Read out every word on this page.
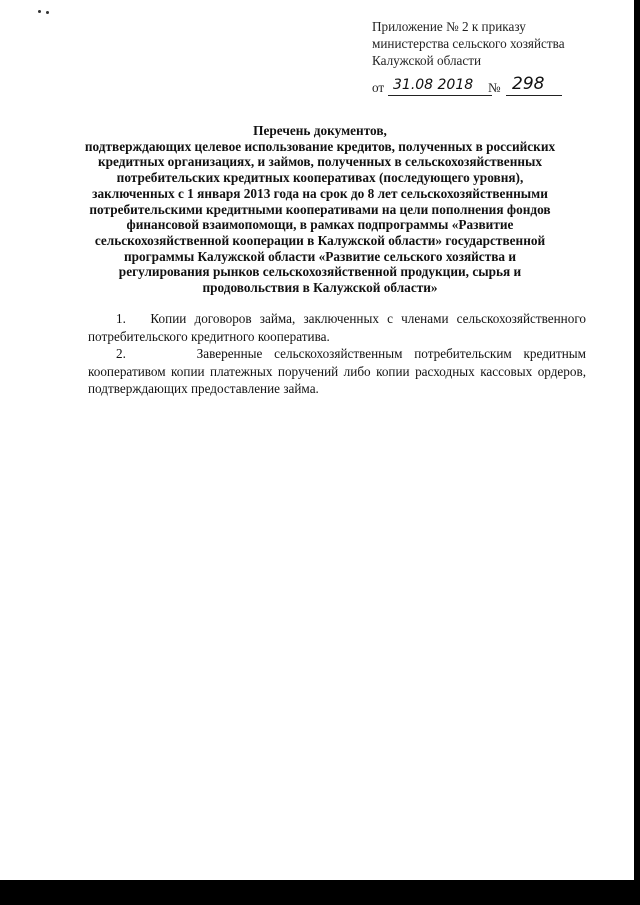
Приложение № 2 к приказу
министерства сельского хозяйства
Калужской области
от 31.08 2018 № 298
Перечень документов,
подтверждающих целевое использование кредитов, полученных в российских
кредитных организациях, и займов, полученных в сельскохозяйственных
потребительских кредитных кооперативах (последующего уровня),
заключенных с 1 января 2013 года на срок до 8 лет сельскохозяйственными
потребительскими кредитными кооперативами на цели пополнения фондов
финансовой взаимопомощи, в рамках подпрограммы «Развитие
сельскохозяйственной кооперации в Калужской области» государственной
программы Калужской области «Развитие сельского хозяйства и
регулирования рынков сельскохозяйственной продукции, сырья и
продовольствия в Калужской области»

1. Копии договоров займа, заключенных с членами сельскохозяйственного потребительского кредитного кооператива.

2.	Заверенные сельскохозяйственным потребительским кредитным кооперативом копии платежных поручений либо копии расходных кассовых ордеров, подтверждающих предоставление займа.
